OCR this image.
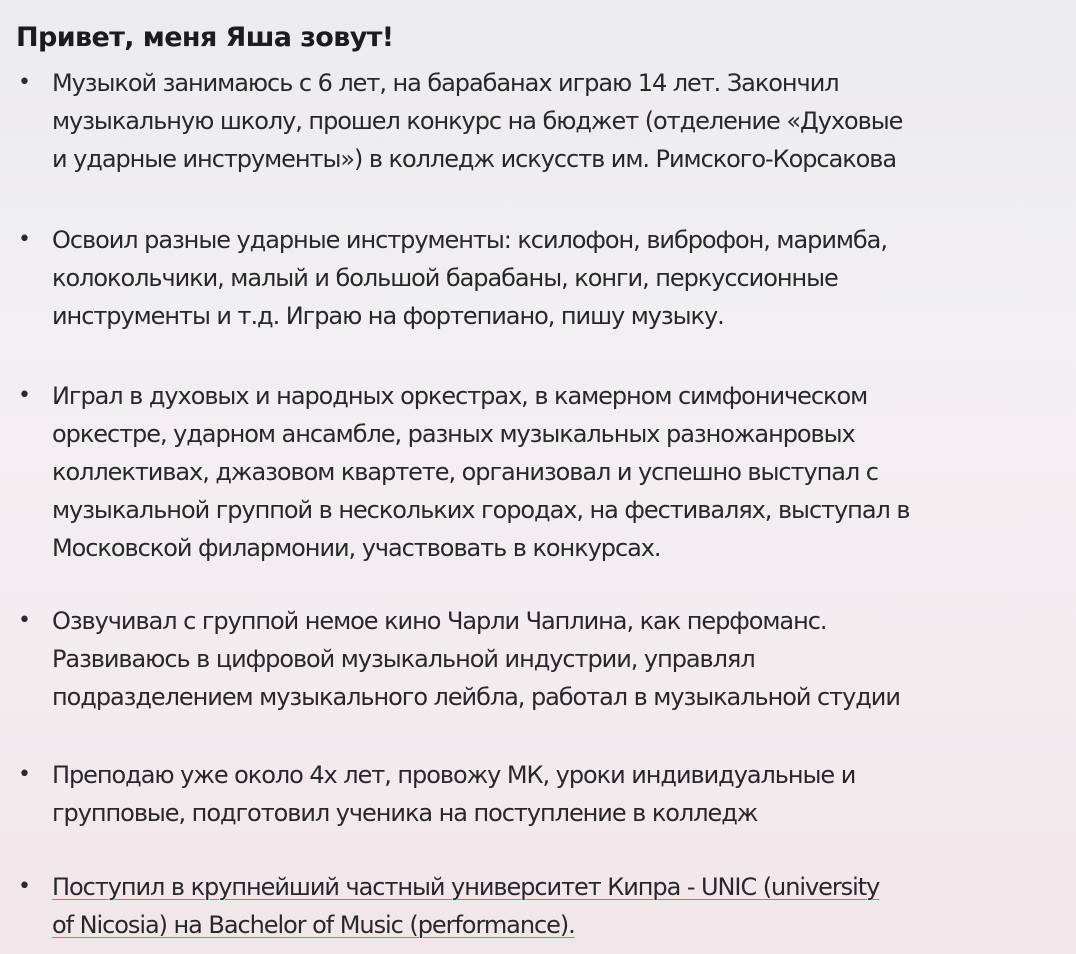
Привет, меня Яша зовут!
• Музыкой занимаюсь с 6 лет, на барабанах играю 14 лет. Закончил
музыкальную школу, прошел конкурс на бюджет (отделение «Духовые
и ударные инструменты») в колледж искусств им. Римского-Корсакова
• Освоил разные ударные инструменты: ксилофон, виброфон, маримба,
колокольчики, малый и большой барабаны, конги, перкуссионные
инструменты и т.д. Играю на фортепиано, пишу музыку.
• Играл в духовых и народных оркестрах, в камерном симфоническом
оркестре, ударном ансамбле, разных музыкальных разножанровых
коллективах, джазовом квартете, организовал и успешно выступал с
музыкальной группой в нескольких городах, на фестивалях, выступал в
Московской филармонии, участвовать в конкурсах.
• Озвучивал с группой немое кино Чарли Чаплина, как перфоманс.
Развиваюсь в цифровой музыкальной индустрии, управлял
подразделением музыкального лейбла, работал в музыкальной студии
• Преподаю уже около 4х лет, провожу МК, уроки индивидуальные и
групповые, подготовил ученика на поступление в колледж
• Поступил в крупнейший частный университет Кипра - UNIC (university
of Nicosia) на Bachelor of Music (performance).
